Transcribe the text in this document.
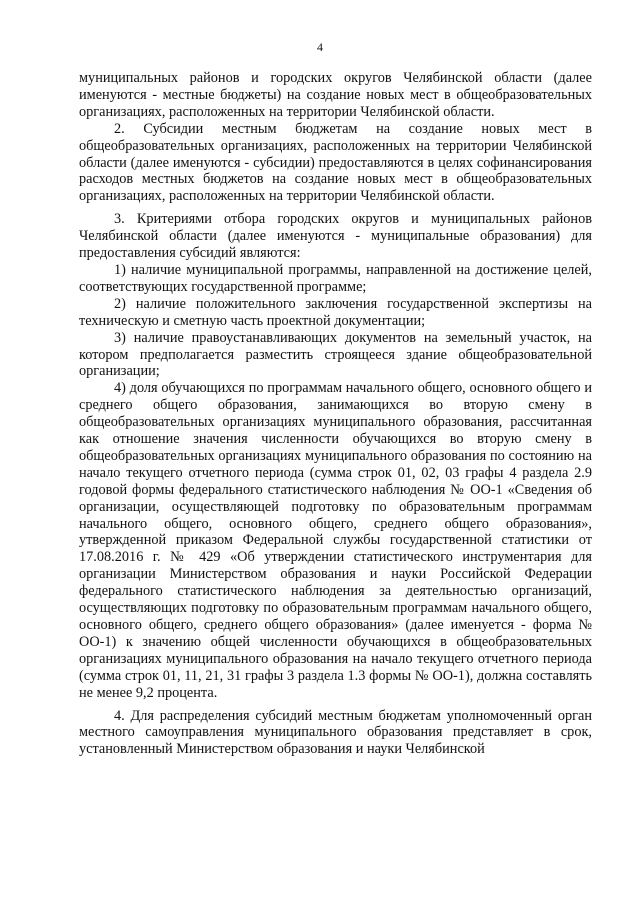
4

муниципальных районов и городских округов Челябинской области (далее именуются - местные бюджеты) на создание новых мест в общеобразовательных организациях, расположенных на территории Челябинской области.

2. Субсидии местным бюджетам на создание новых мест в общеобразовательных организациях, расположенных на территории Челябинской области (далее именуются - субсидии) предоставляются в целях софинансирования расходов местных бюджетов на создание новых мест в общеобразовательных организациях, расположенных на территории Челябинской области.

3. Критериями отбора городских округов и муниципальных районов Челябинской области (далее именуются - муниципальные образования) для предоставления субсидий являются:

1) наличие муниципальной программы, направленной на достижение целей, соответствующих государственной программе;

2) наличие положительного заключения государственной экспертизы на техническую и сметную часть проектной документации;

3) наличие правоустанавливающих документов на земельный участок, на котором предполагается разместить строящееся здание общеобразовательной организации;

4) доля обучающихся по программам начального общего, основного общего и среднего общего образования, занимающихся во вторую смену в общеобразовательных организациях муниципального образования, рассчитанная как отношение значения численности обучающихся во вторую смену в общеобразовательных организациях муниципального образования по состоянию на начало текущего отчетного периода (сумма строк 01, 02, 03 графы 4 раздела 2.9 годовой формы федерального статистического наблюдения № ОО-1 «Сведения об организации, осуществляющей подготовку по образовательным программам начального общего, основного общего, среднего общего образования», утвержденной приказом Федеральной службы государственной статистики от 17.08.2016 г. № 429 «Об утверждении статистического инструментария для организации Министерством образования и науки Российской Федерации федерального статистического наблюдения за деятельностью организаций, осуществляющих подготовку по образовательным программам начального общего, основного общего, среднего общего образования» (далее именуется - форма № ОО-1) к значению общей численности обучающихся в общеобразовательных организациях муниципального образования на начало текущего отчетного периода (сумма строк 01, 11, 21, 31 графы 3 раздела 1.3 формы № ОО-1), должна составлять не менее 9,2 процента.

4. Для распределения субсидий местным бюджетам уполномоченный орган местного самоуправления муниципального образования представляет в срок, установленный Министерством образования и науки Челябинской
